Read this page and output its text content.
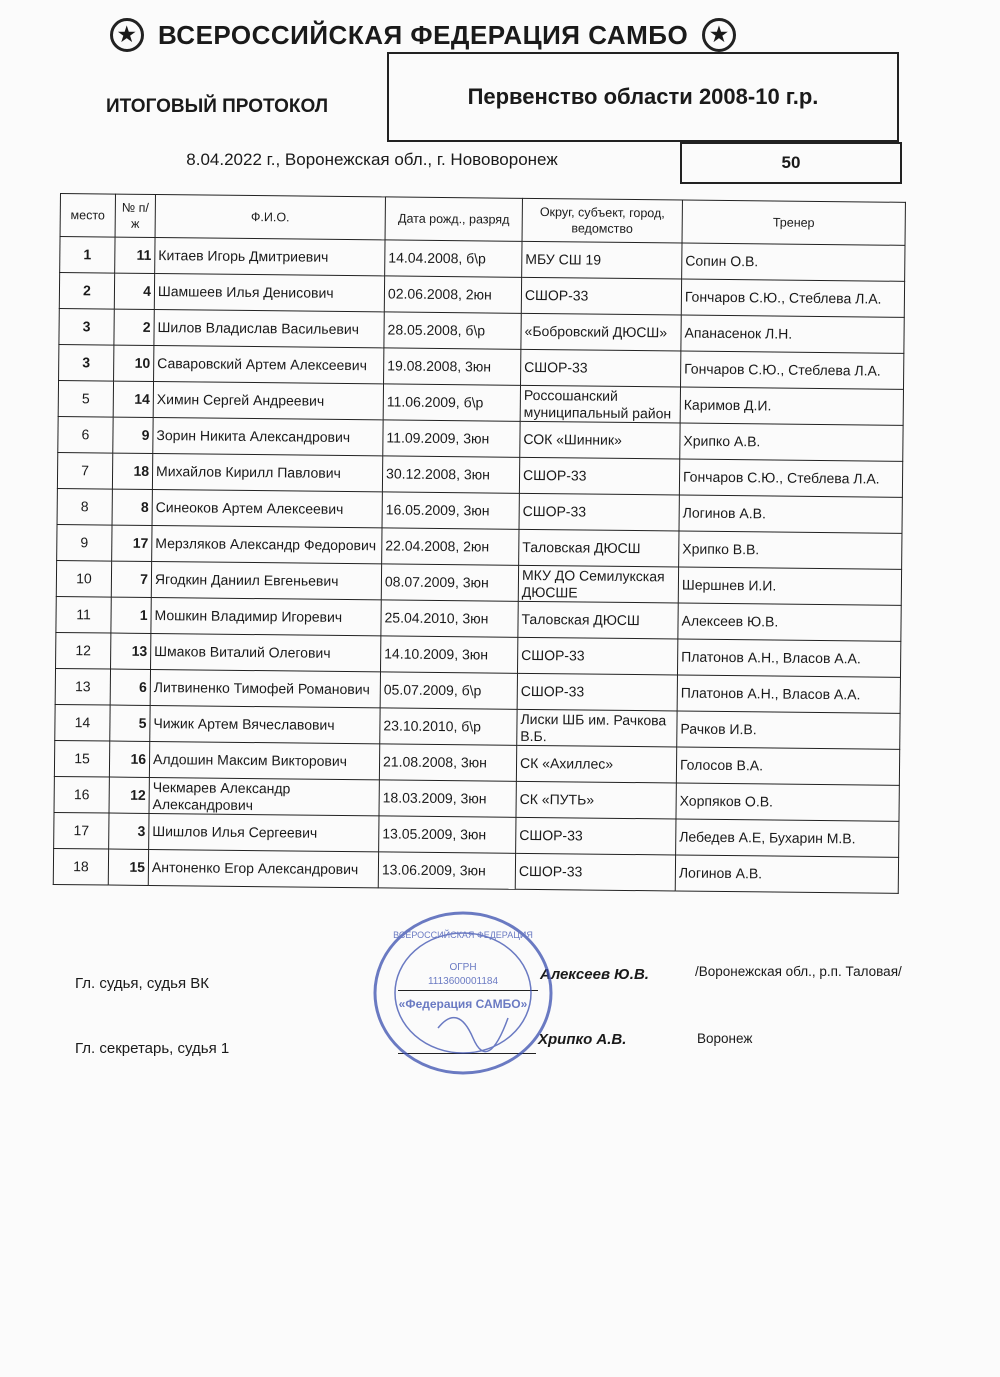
★ ВСЕРОССИЙСКАЯ ФЕДЕРАЦИЯ САМБО	★
ИТОГОВЫЙ ПРОТОКОЛ	Первенство области 2008-10 г.р.
8.04.2022 г., Воронежская обл., г. Нововоронеж	50
место	№ п/ж	Ф.И.О.	Дата рожд., разряд	Округ, субъект, город, ведомство	Тренер
1	11	Китаев Игорь Дмитриевич	14.04.2008, б\р	МБУ СШ 19	Сопин О.В.
2	4	Шамшеев Илья Денисович	02.06.2008, 2юн	СШОР-33	Гончаров С.Ю., Стеблева Л.А.
3	2	Шилов Владислав Васильевич	28.05.2008, б\р	«Бобровский ДЮСШ»	Апанасенок Л.Н.
3	10	Саваровский Артем Алексеевич	19.08.2008, 3юн	СШОР-33	Гончаров С.Ю., Стеблева Л.А.
5	14	Химин Сергей Андреевич	11.06.2009, б\р	Россошанский муниципальный район	Каримов Д.И.
6	9	Зорин Никита Александрович	11.09.2009, 3юн	СОК «Шинник»	Хрипко А.В.
7	18	Михайлов Кирилл Павлович	30.12.2008, 3юн	СШОР-33	Гончаров С.Ю., Стеблева Л.А.
8	8	Синеоков Артем Алексеевич	16.05.2009, 3юн	СШОР-33	Логинов А.В.
9	17	Мерзляков Александр Федорович	22.04.2008, 2юн	Таловская ДЮСШ	Хрипко В.В.
10	7	Ягодкин Даниил Евгеньевич	08.07.2009, 3юн	МКУ ДО Семилукская ДЮСШЕ	Шершнев И.И.
11	1	Мошкин Владимир Игоревич	25.04.2010, 3юн	Таловская ДЮСШ	Алексеев Ю.В.
12	13	Шмаков Виталий Олегович	14.10.2009, 3юн	СШОР-33	Платонов А.Н., Власов А.А.
13	6	Литвиненко Тимофей Романович	05.07.2009, б\р	СШОР-33	Платонов А.Н., Власов А.А.
14	5	Чижик Артем Вячеславович	23.10.2010, б\р	Лиски ШБ им. Рачкова В.Б.	Рачков И.В.
15	16	Алдошин Максим Викторович	21.08.2008, 3юн	СК «Ахиллес»	Голосов В.А.
16	12	Чекмарев Александр Александрович	18.03.2009, 3юн	СК «ПУТЬ»	Хорпяков О.В.
17	3	Шишлов Илья Сергеевич	13.05.2009, 3юн	СШОР-33	Лебедев А.Е, Бухарин М.В.
18	15	Антоненко Егор Александрович	13.06.2009, 3юн	СШОР-33	Логинов А.В.
Гл. судья, судья ВК
Алексеев Ю.В.	/Воронежская обл., р.п. Таловая/
Гл. секретарь, судья 1
Хрипко А.В.	Воронеж
ОГРН
1113600001184
«Федерация САМБО»
ВСЕРОССИЙСКАЯ ФЕДЕРАЦИЯ
